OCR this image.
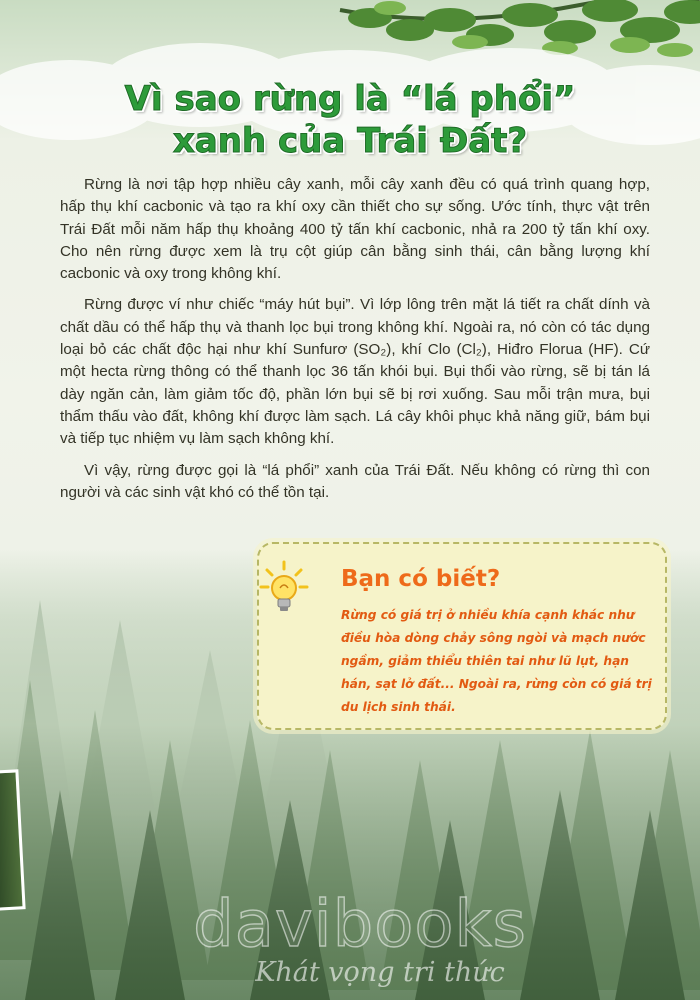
Vì sao rừng là “lá phổi”
xanh của Trái Đất?

Rừng là nơi tập hợp nhiều cây xanh, mỗi cây xanh đều có quá trình quang hợp, hấp thụ khí cacbonic và tạo ra khí oxy cần thiết cho sự sống. Ước tính, thực vật trên Trái Đất mỗi năm hấp thụ khoảng 400 tỷ tấn khí cacbonic, nhả ra 200 tỷ tấn khí oxy. Cho nên rừng được xem là trụ cột giúp cân bằng sinh thái, cân bằng lượng khí cacbonic và oxy trong không khí.

Rừng được ví như chiếc “máy hút bụi”. Vì lớp lông trên mặt lá tiết ra chất dính và chất dầu có thể hấp thụ và thanh lọc bụi trong không khí. Ngoài ra, nó còn có tác dụng loại bỏ các chất độc hại như khí Sunfurơ (SO₂), khí Clo (Cl₂), Hiđro Florua (HF). Cứ một hecta rừng thông có thể thanh lọc 36 tấn khói bụi. Bụi thổi vào rừng, sẽ bị tán lá dày ngăn cản, làm giảm tốc độ, phần lớn bụi sẽ bị rơi xuống. Sau mỗi trận mưa, bụi thẩm thấu vào đất, không khí được làm sạch. Lá cây khôi phục khả năng giữ, bám bụi và tiếp tục nhiệm vụ làm sạch không khí.

Vì vậy, rừng được gọi là “lá phổi” xanh của Trái Đất. Nếu không có rừng thì con người và các sinh vật khó có thể tồn tại.

Bạn có biết?
Rừng có giá trị ở nhiều khía cạnh khác như điều hòa dòng chảy sông ngòi và mạch nước ngầm, giảm thiểu thiên tai như lũ lụt, hạn hán, sạt lở đất... Ngoài ra, rừng còn có giá trị du lịch sinh thái.
davibooks
Khát vọng tri thức
